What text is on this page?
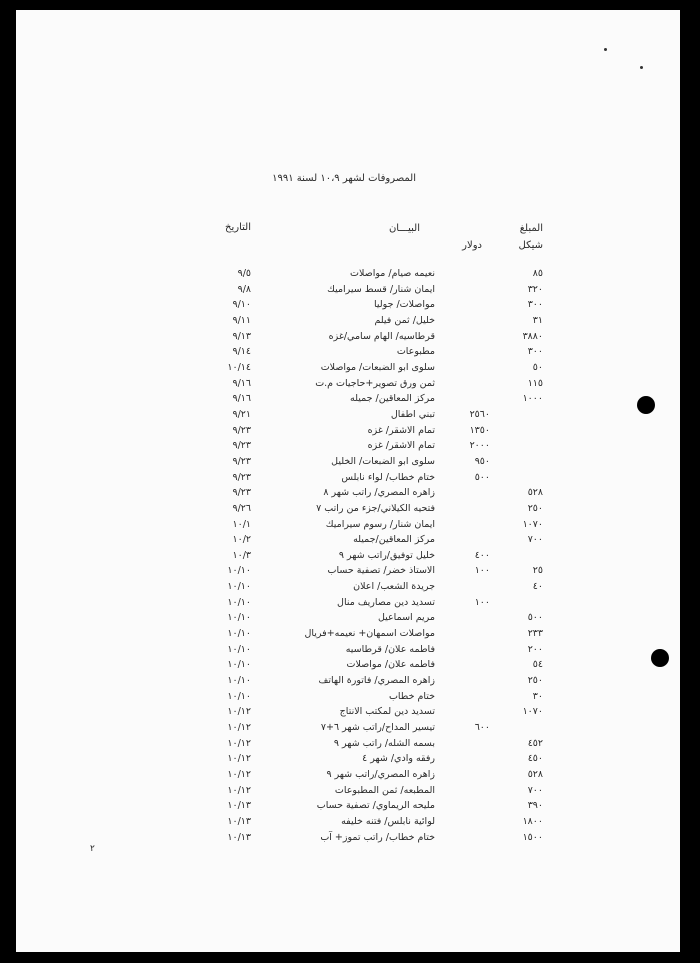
المصروفات لشهر ١٠،٩ لسنة ١٩٩١
المبلغ
شيكل
دولار
البيـــان
التاريخ
٨٥
نعيمه صيام/ مواصلات
٩/٥
٣٢٠
ايمان شنار/ قسط سيراميك
٩/٨
٣٠٠
مواصلات/ جوليا
٩/١٠
٣١
خليل/ ثمن فيلم
٩/١١
٣٨٨٠
قرطاسيه/ الهام سامي/غزه
٩/١٣
٣٠٠
مطبوعات
٩/١٤
٥٠
سلوى ابو الضبعات/ مواصلات
١٠/١٤
١١٥
ثمن ورق تصوير+حاجيات م.ت
٩/١٦
١٠٠٠
مركز المعاقين/ جميله
٩/١٦
٢٥٦٠
تبني اطفال
٩/٢١
١٣٥٠
تمام الاشقر/ غزه
٩/٢٣
٢٠٠٠
تمام الاشقر/ غزه
٩/٢٣
٩٥٠
سلوى ابو الضبعات/ الخليل
٩/٢٣
٥٠٠
ختام خطاب/ لواء نابلس
٩/٢٣
٥٢٨
زاهره المصري/ راتب شهر ٨
٩/٢٣
٢٥٠
فتحيه الكيلاني/جزء من راتب ٧
٩/٢٦
١٠٧٠
ايمان شنار/ رسوم سيراميك
١٠/١
٧٠٠
مركز المعاقين/جميله
١٠/٢
٤٠٠
خليل توفيق/راتب شهر ٩
١٠/٣
٢٥
١٠٠
الاستاذ خضر/ تصفية حساب
١٠/١٠
٤٠
جريدة الشعب/ اعلان
١٠/١٠
١٠٠
تسديد دين مصاريف منال
١٠/١٠
٥٠٠
مريم اسماعيل
١٠/١٠
٢٣٣
مواصلات اسمهان+ نعيمه+فريال
١٠/١٠
٢٠٠
فاطمه علان/ قرطاسيه
١٠/١٠
٥٤
فاطمه علان/ مواصلات
١٠/١٠
٢٥٠
زاهره المصري/ فاتورة الهاتف
١٠/١٠
٣٠
ختام خطاب
١٠/١٠
١٠٧٠
تسديد دين لمكتب الانتاج
١٠/١٢
٦٠٠
تيسير المداح/راتب شهر ٦+٧
١٠/١٢
٤٥٢
بسمه الشله/ راتب شهر ٩
١٠/١٢
٤٥٠
رفقه وادي/ شهر ٤
١٠/١٢
٥٢٨
زاهره المصري/راتب شهر ٩
١٠/١٢
٧٠٠
المطبعه/ ثمن المطبوعات
١٠/١٢
٣٩٠
مليحه الريماوي/ تصفية حساب
١٠/١٣
١٨٠٠
لوائية نابلس/ فتنه خليفه
١٠/١٣
١٥٠٠
ختام خطاب/ راتب تموز+ آب
١٠/١٣
٢
